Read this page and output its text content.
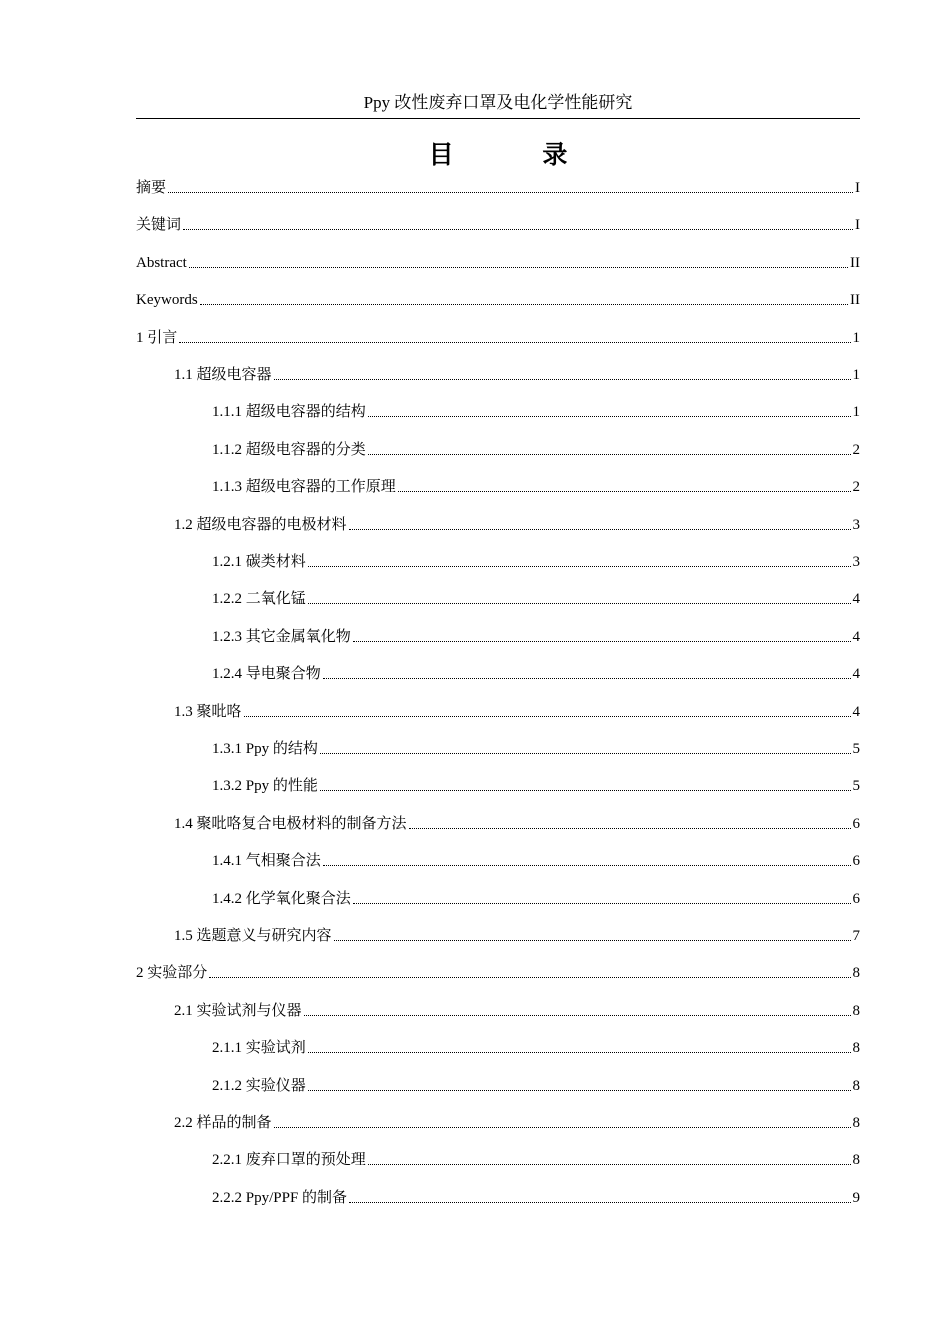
Ppy 改性废弃口罩及电化学性能研究
目 录
摘要	I
关键词	I
Abstract	II
Keywords	II
1 引言	1
1.1 超级电容器	1
1.1.1 超级电容器的结构	1
1.1.2 超级电容器的分类	2
1.1.3 超级电容器的工作原理	2
1.2 超级电容器的电极材料	3
1.2.1 碳类材料	3
1.2.2 二氧化锰	4
1.2.3 其它金属氧化物	4
1.2.4 导电聚合物	4
1.3 聚吡咯	4
1.3.1 Ppy 的结构	5
1.3.2 Ppy 的性能	5
1.4 聚吡咯复合电极材料的制备方法	6
1.4.1 气相聚合法	6
1.4.2 化学氧化聚合法	6
1.5 选题意义与研究内容	7
2 实验部分	8
2.1 实验试剂与仪器	8
2.1.1 实验试剂	8
2.1.2 实验仪器	8
2.2 样品的制备	8
2.2.1 废弃口罩的预处理	8
2.2.2 Ppy/PPF 的制备	9
